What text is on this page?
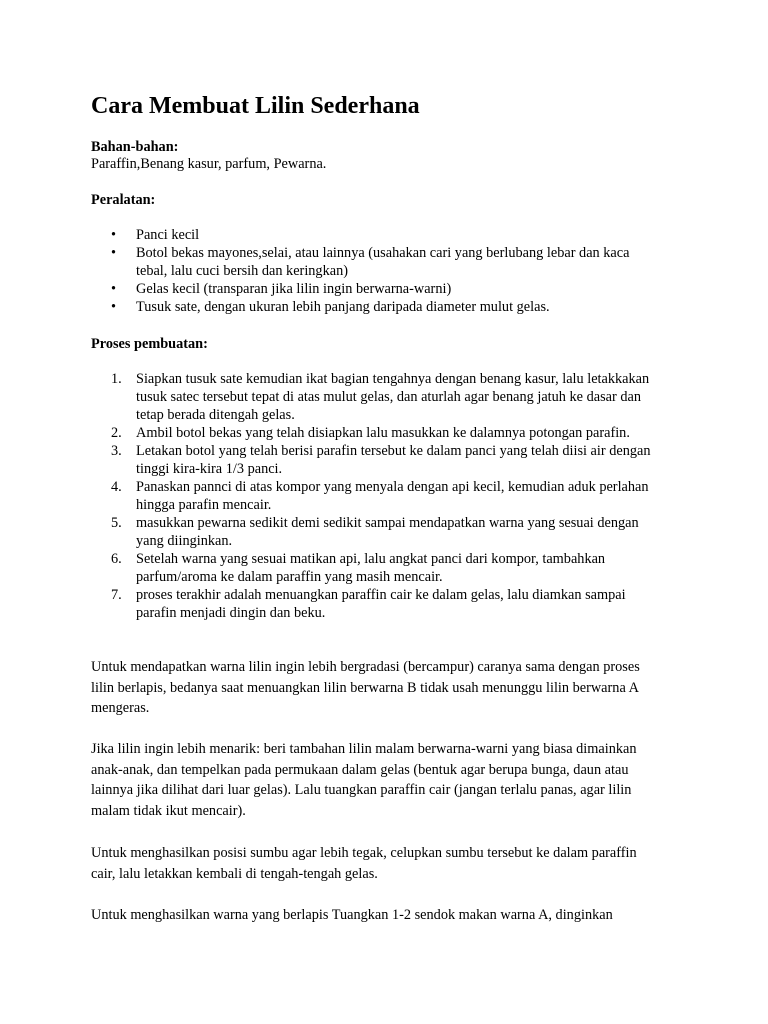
Cara Membuat Lilin Sederhana

Bahan-bahan:

Paraffin,Benang kasur, parfum, Pewarna.

Peralatan:

• Panci kecil
• Botol bekas mayones,selai, atau lainnya (usahakan cari yang berlubang lebar dan kaca
tebal, lalu cuci bersih dan keringkan)
• Gelas kecil (transparan jika lilin ingin berwarna-warni)
• Tusuk sate, dengan ukuran lebih panjang daripada diameter mulut gelas.

Proses pembuatan:

1. Siapkan tusuk sate kemudian ikat bagian tengahnya dengan benang kasur, lalu letakkakan
tusuk satec tersebut tepat di atas mulut gelas, dan aturlah agar benang jatuh ke dasar dan
tetap berada ditengah gelas.
2. Ambil botol bekas yang telah disiapkan lalu masukkan ke dalamnya potongan parafin.
3. Letakan botol yang telah berisi parafin tersebut ke dalam panci yang telah diisi air dengan
tinggi kira-kira 1/3 panci.
4. Panaskan pannci di atas kompor yang menyala dengan api kecil, kemudian aduk perlahan
hingga parafin mencair.
5. masukkan pewarna sedikit demi sedikit sampai mendapatkan warna yang sesuai dengan
yang diinginkan.
6. Setelah warna yang sesuai matikan api, lalu angkat panci dari kompor, tambahkan
parfum/aroma ke dalam paraffin yang masih mencair.
7. proses terakhir adalah menuangkan paraffin cair ke dalam gelas, lalu diamkan sampai
parafin menjadi dingin dan beku.

Untuk mendapatkan warna lilin ingin lebih bergradasi (bercampur) caranya sama dengan proses
lilin berlapis, bedanya saat menuangkan lilin berwarna B tidak usah menunggu lilin berwarna A
mengeras.

Jika lilin ingin lebih menarik: beri tambahan lilin malam berwarna-warni yang biasa dimainkan
anak-anak, dan tempelkan pada permukaan dalam gelas (bentuk agar berupa bunga, daun atau
lainnya jika dilihat dari luar gelas). Lalu tuangkan paraffin cair (jangan terlalu panas, agar lilin
malam tidak ikut mencair).

Untuk menghasilkan posisi sumbu agar lebih tegak, celupkan sumbu tersebut ke dalam paraffin
cair, lalu letakkan kembali di tengah-tengah gelas.

Untuk menghasilkan warna yang berlapis Tuangkan 1-2 sendok makan warna A, dinginkan
